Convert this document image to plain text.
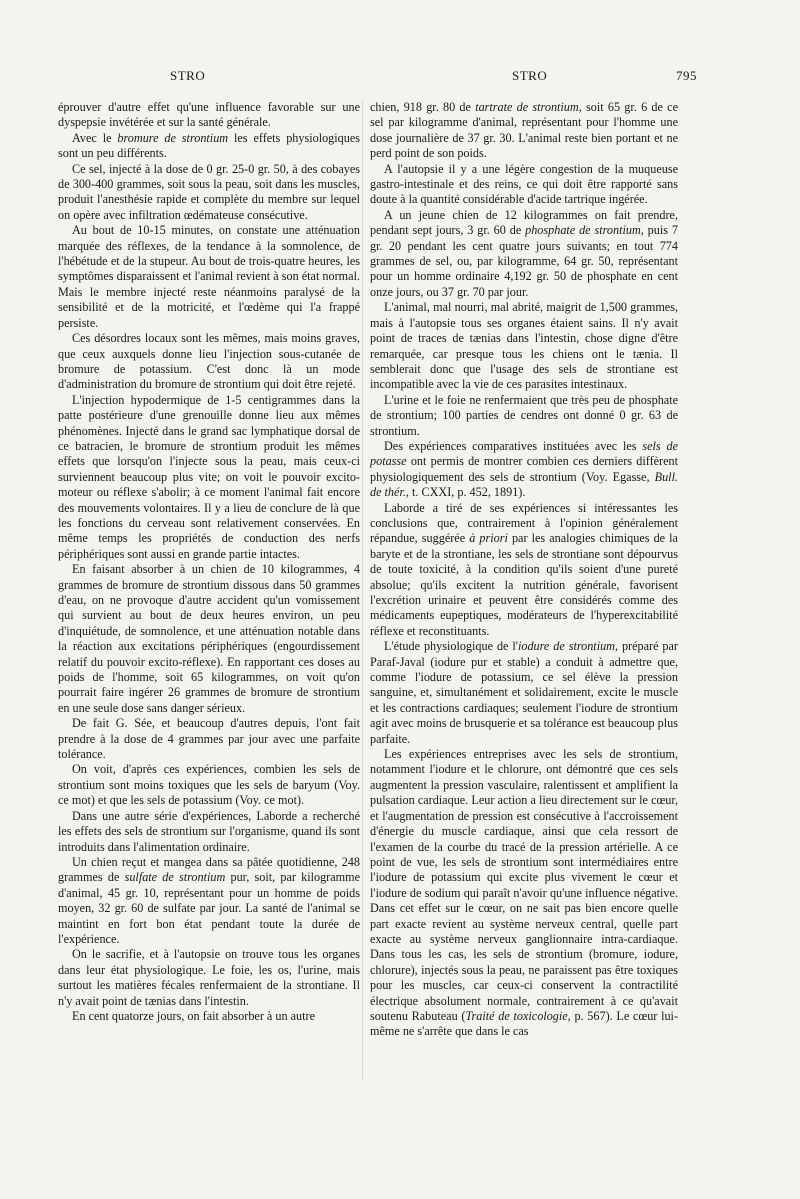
STRO	STRO	795

éprouver d'autre effet qu'une influence favorable sur une dyspepsie invétérée et sur la santé générale.

Avec le bromure de strontium les effets physiologiques sont un peu différents.

Ce sel, injecté à la dose de 0 gr. 25-0 gr. 50, à des cobayes de 300-400 grammes, soit sous la peau, soit dans les muscles, produit l'anesthésie rapide et complète du membre sur lequel on opère avec infiltration œdémateuse consécutive.

Au bout de 10-15 minutes, on constate une atténuation marquée des réflexes, de la tendance à la somnolence, de l'hébétude et de la stupeur. Au bout de trois-quatre heures, les symptômes disparaissent et l'animal revient à son état normal. Mais le membre injecté reste néanmoins paralysé de la sensibilité et de la motricité, et l'œdème qui l'a frappé persiste.

Ces désordres locaux sont les mêmes, mais moins graves, que ceux auxquels donne lieu l'injection sous-cutanée de bromure de potassium. C'est donc là un mode d'administration du bromure de strontium qui doit être rejeté.

L'injection hypodermique de 1-5 centigrammes dans la patte postérieure d'une grenouille donne lieu aux mêmes phénomènes. Injecté dans le grand sac lymphatique dorsal de ce batracien, le bromure de strontium produit les mêmes effets que lorsqu'on l'injecte sous la peau, mais ceux-ci surviennent beaucoup plus vite; on voit le pouvoir excito-moteur ou réflexe s'abolir; à ce moment l'animal fait encore des mouvements volontaires. Il y a lieu de conclure de là que les fonctions du cerveau sont relativement conservées. En même temps les propriétés de conduction des nerfs périphériques sont aussi en grande partie intactes.

En faisant absorber à un chien de 10 kilogrammes, 4 grammes de bromure de strontium dissous dans 50 grammes d'eau, on ne provoque d'autre accident qu'un vomissement qui survient au bout de deux heures environ, un peu d'inquiétude, de somnolence, et une atténuation notable dans la réaction aux excitations périphériques (engourdissement relatif du pouvoir excito-réflexe). En rapportant ces doses au poids de l'homme, soit 65 kilogrammes, on voit qu'on pourrait faire ingérer 26 grammes de bromure de strontium en une seule dose sans danger sérieux.

De fait G. Sée, et beaucoup d'autres depuis, l'ont fait prendre à la dose de 4 grammes par jour avec une parfaite tolérance.

On voit, d'après ces expériences, combien les sels de strontium sont moins toxiques que les sels de baryum (Voy. ce mot) et que les sels de potassium (Voy. ce mot).

Dans une autre série d'expériences, Laborde a recherché les effets des sels de strontium sur l'organisme, quand ils sont introduits dans l'alimentation ordinaire.

Un chien reçut et mangea dans sa pâtée quotidienne, 248 grammes de sulfate de strontium pur, soit, par kilogramme d'animal, 45 gr. 10, représentant pour un homme de poids moyen, 32 gr. 60 de sulfate par jour. La santé de l'animal se maintint en fort bon état pendant toute la durée de l'expérience.

On le sacrifie, et à l'autopsie on trouve tous les organes dans leur état physiologique. Le foie, les os, l'urine, mais surtout les matières fécales renfermaient de la strontiane. Il n'y avait point de tænias dans l'intestin.

En cent quatorze jours, on fait absorber à un autre

chien, 918 gr. 80 de tartrate de strontium, soit 65 gr. 6 de ce sel par kilogramme d'animal, représentant pour l'homme une dose journalière de 37 gr. 30. L'animal reste bien portant et ne perd point de son poids.

A l'autopsie il y a une légère congestion de la muqueuse gastro-intestinale et des reins, ce qui doit être rapporté sans doute à la quantité considérable d'acide tartrique ingérée.

A un jeune chien de 12 kilogrammes on fait prendre, pendant sept jours, 3 gr. 60 de phosphate de strontium, puis 7 gr. 20 pendant les cent quatre jours suivants; en tout 774 grammes de sel, ou, par kilogramme, 64 gr. 50, représentant pour un homme ordinaire 4,192 gr. 50 de phosphate en cent onze jours, ou 37 gr. 70 par jour.

L'animal, mal nourri, mal abrité, maigrit de 1,500 grammes, mais à l'autopsie tous ses organes étaient sains. Il n'y avait point de traces de tænias dans l'intestin, chose digne d'être remarquée, car presque tous les chiens ont le tænia. Il semblerait donc que l'usage des sels de strontiane est incompatible avec la vie de ces parasites intestinaux.

L'urine et le foie ne renfermaient que très peu de phosphate de strontium; 100 parties de cendres ont donné 0 gr. 63 de strontium.

Des expériences comparatives instituées avec les sels de potasse ont permis de montrer combien ces derniers diffèrent physiologiquement des sels de strontium (Voy. Egasse, Bull. de thér., t. CXXI, p. 452, 1891).

Laborde a tiré de ses expériences si intéressantes les conclusions que, contrairement à l'opinion généralement répandue, suggérée à priori par les analogies chimiques de la baryte et de la strontiane, les sels de strontiane sont dépourvus de toute toxicité, à la condition qu'ils soient d'une pureté absolue; qu'ils excitent la nutrition générale, favorisent l'excrétion urinaire et peuvent être considérés comme des médicaments eupeptiques, modérateurs de l'hyperexcitabilité réflexe et reconstituants.

L'étude physiologique de l'iodure de strontium, préparé par Paraf-Javal (iodure pur et stable) a conduit à admettre que, comme l'iodure de potassium, ce sel élève la pression sanguine, et, simultanément et solidairement, excite le muscle et les contractions cardiaques; seulement l'iodure de strontium agit avec moins de brusquerie et sa tolérance est beaucoup plus parfaite.

Les expériences entreprises avec les sels de strontium, notamment l'iodure et le chlorure, ont démontré que ces sels augmentent la pression vasculaire, ralentissent et amplifient la pulsation cardiaque. Leur action a lieu directement sur le cœur, et l'augmentation de pression est consécutive à l'accroissement d'énergie du muscle cardiaque, ainsi que cela ressort de l'examen de la courbe du tracé de la pression artérielle. A ce point de vue, les sels de strontium sont intermédiaires entre l'iodure de potassium qui excite plus vivement le cœur et l'iodure de sodium qui paraît n'avoir qu'une influence négative. Dans cet effet sur le cœur, on ne sait pas bien encore quelle part exacte revient au système nerveux central, quelle part exacte au système nerveux ganglionnaire intra-cardiaque. Dans tous les cas, les sels de strontium (bromure, iodure, chlorure), injectés sous la peau, ne paraissent pas être toxiques pour les muscles, car ceux-ci conservent la contractilité électrique absolument normale, contrairement à ce qu'avait soutenu Rabuteau (Traité de toxicologie, p. 567). Le cœur lui-même ne s'arrête que dans le cas
